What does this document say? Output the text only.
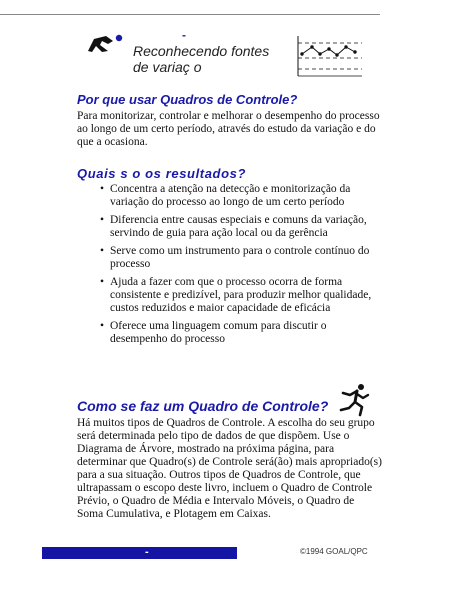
-
Reconhecendo fontes
de variaç o
Por que usar Quadros de Controle?

Para monitorizar, controlar e melhorar o desempenho do processo ao longo de um certo período, através do estudo da variação e do que a ocasiona.

Quais s o os resultados?
• Concentra a atenção na detecção e monitorização da variação do processo ao longo de um certo período
• Diferencia entre causas especiais e comuns da variação, servindo de guia para ação local ou da gerência
• Serve como um instrumento para o controle contínuo do processo
• Ajuda a fazer com que o processo ocorra de forma consistente e predizível, para produzir melhor qualidade, custos reduzidos e maior capacidade de eficácia
• Oferece uma linguagem comum para discutir o desempenho do processo
Como se faz um Quadro de Controle?

Há muitos tipos de Quadros de Controle. A escolha do seu grupo será determinada pelo tipo de dados de que dispõem. Use o Diagrama de Árvore, mostrado na próxima página, para determinar que Quadro(s) de Controle será(ão) mais apropriado(s) para a sua situação. Outros tipos de Quadros de Controle, que ultrapassam o escopo deste livro, incluem o Quadro de Controle Prévio, o Quadro de Média e Intervalo Móveis, o Quadro de Soma Cumulativa, e Plotagem em Caixas.

-	©1994 GOAL/QPC
